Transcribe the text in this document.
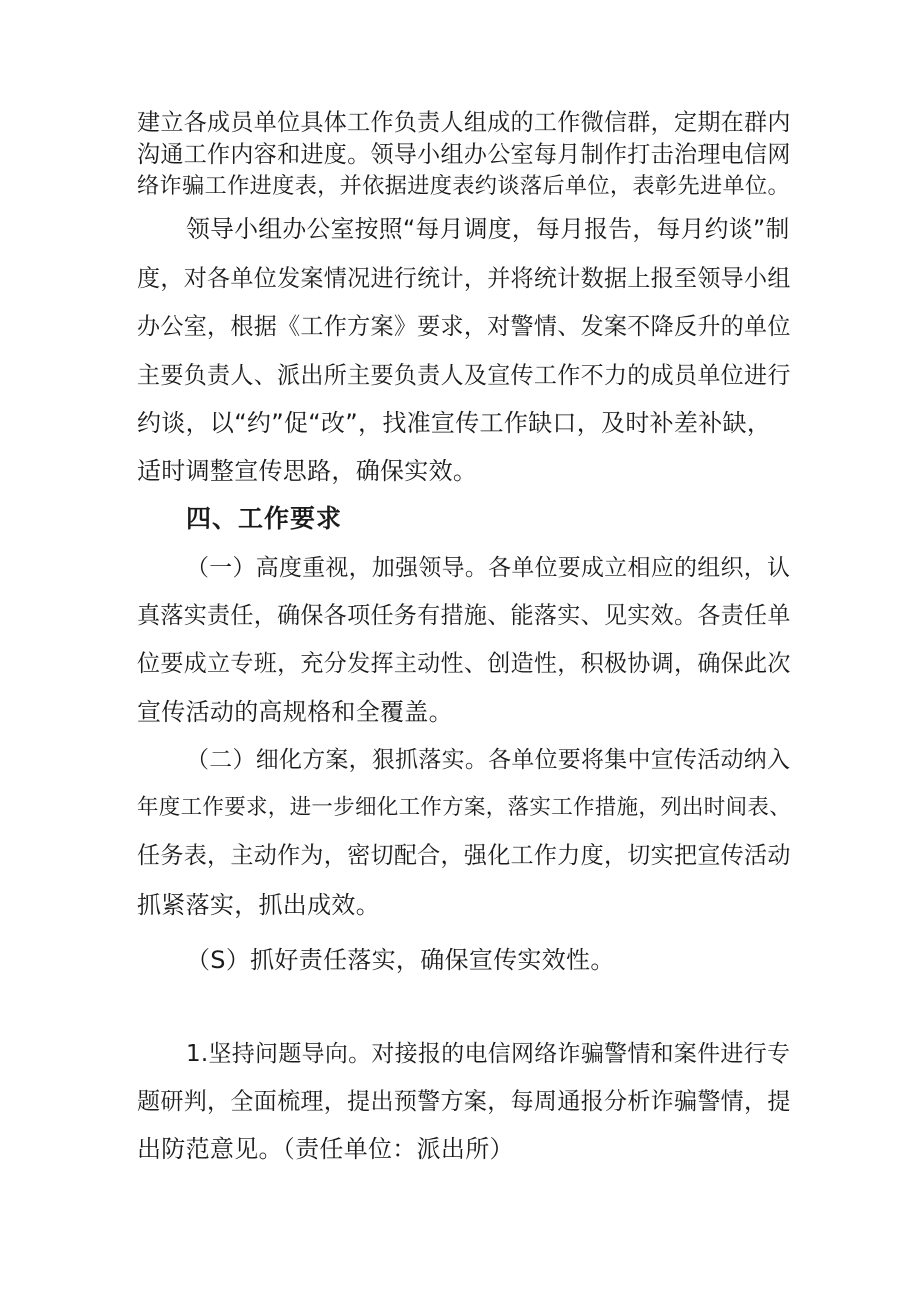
建立各成员单位具体工作负责人组成的工作微信群，定期在群内
沟通工作内容和进度。领导小组办公室每月制作打击治理电信网
络诈骗工作进度表，并依据进度表约谈落后单位，表彰先进单位。
领导小组办公室按照“每月调度，每月报告，每月约谈”制
度，对各单位发案情况进行统计，并将统计数据上报至领导小组
办公室，根据《工作方案》要求，对警情、发案不降反升的单位
主要负责人、派出所主要负责人及宣传工作不力的成员单位进行
约谈，以“约”促“改”，找准宣传工作缺口，及时补差补缺，
适时调整宣传思路，确保实效。
四、工作要求
（一）高度重视，加强领导。各单位要成立相应的组织，认
真落实责任，确保各项任务有措施、能落实、见实效。各责任单
位要成立专班，充分发挥主动性、创造性，积极协调，确保此次
宣传活动的高规格和全覆盖。
（二）细化方案，狠抓落实。各单位要将集中宣传活动纳入
年度工作要求，进一步细化工作方案，落实工作措施，列出时间表、
任务表，主动作为，密切配合，强化工作力度，切实把宣传活动
抓紧落实，抓出成效。
（S）抓好责任落实，确保宣传实效性。
1.坚持问题导向。对接报的电信网络诈骗警情和案件进行专
题研判，全面梳理，提出预警方案，每周通报分析诈骗警情，提
出防范意见。（责任单位：派出所）
